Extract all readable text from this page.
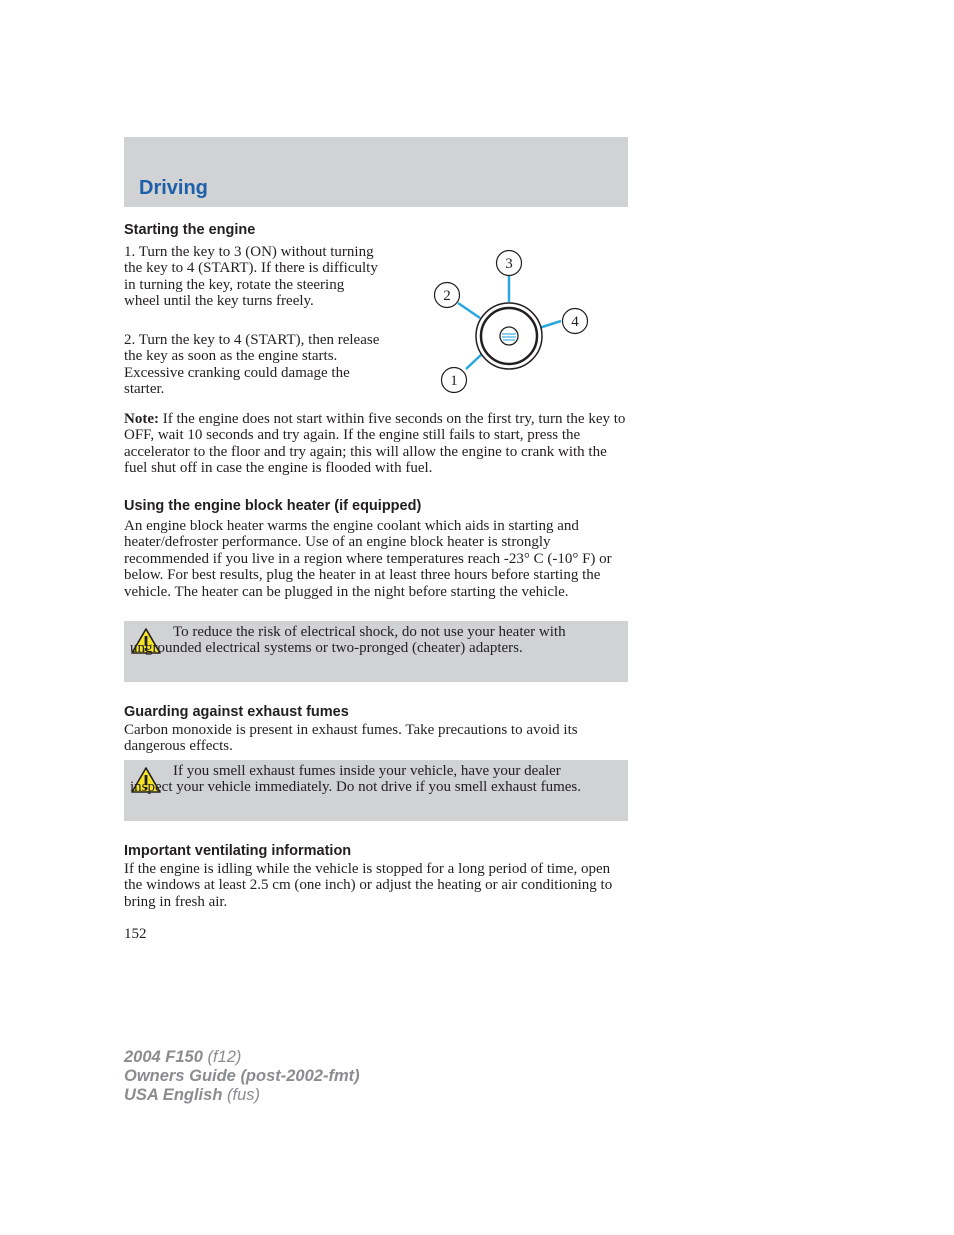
Driving
Starting the engine
1. Turn the key to 3 (ON) without turning the key to 4 (START). If there is difficulty in turning the key, rotate the steering wheel until the key turns freely.
2. Turn the key to 4 (START), then release the key as soon as the engine starts. Excessive cranking could damage the starter.
3
2
4
1
Note: If the engine does not start within five seconds on the first try, turn the key to OFF, wait 10 seconds and try again. If the engine still fails to start, press the accelerator to the floor and try again; this will allow the engine to crank with the fuel shut off in case the engine is flooded with fuel.
Using the engine block heater (if equipped)
An engine block heater warms the engine coolant which aids in starting and heater/defroster performance. Use of an engine block heater is strongly recommended if you live in a region where temperatures reach -23° C (-10° F) or below. For best results, plug the heater in at least three hours before starting the vehicle. The heater can be plugged in the night before starting the vehicle.
To reduce the risk of electrical shock, do not use your heater with ungrounded electrical systems or two-pronged (cheater) adapters.
Guarding against exhaust fumes
Carbon monoxide is present in exhaust fumes. Take precautions to avoid its dangerous effects.
If you smell exhaust fumes inside your vehicle, have your dealer inspect your vehicle immediately. Do not drive if you smell exhaust fumes.
Important ventilating information
If the engine is idling while the vehicle is stopped for a long period of time, open the windows at least 2.5 cm (one inch) or adjust the heating or air conditioning to bring in fresh air.
152
2004 F150 (f12)
Owners Guide (post-2002-fmt)
USA English (fus)
